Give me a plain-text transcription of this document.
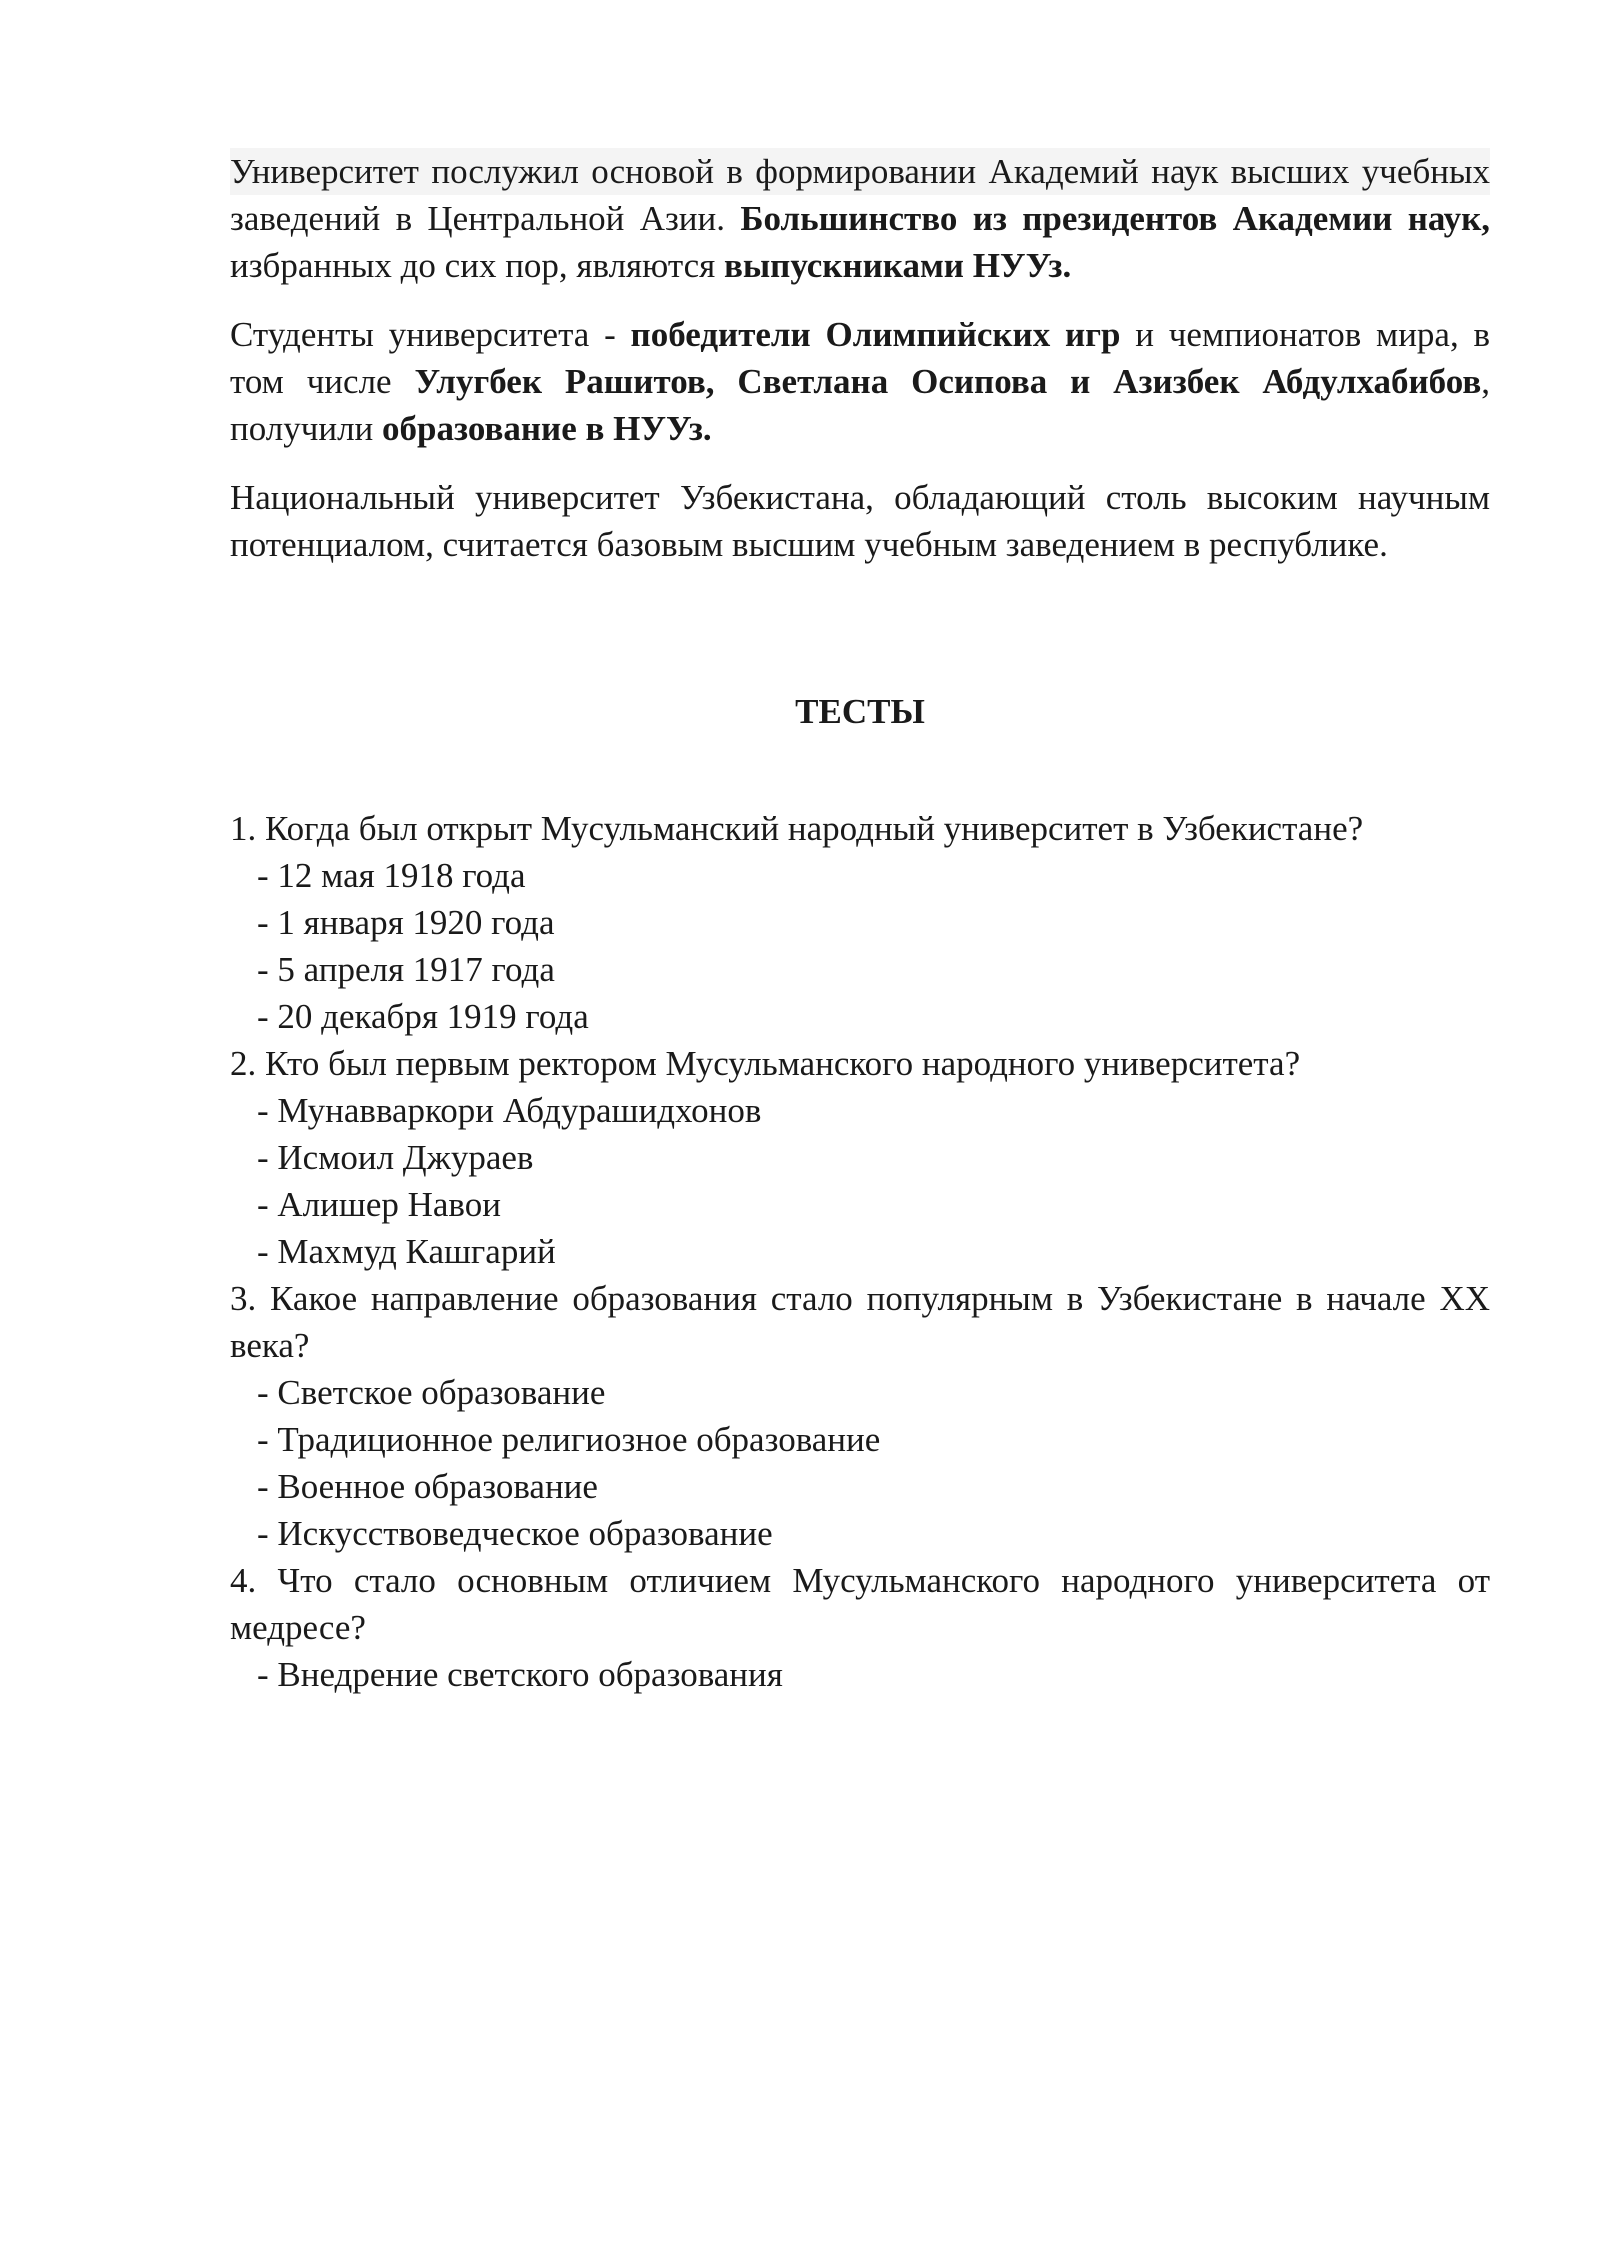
Университет послужил основой в формировании Академий наук высших учебных заведений в Центральной Азии. Большинство из президентов Академии наук, избранных до сих пор, являются выпускниками НУУз.

Студенты университета - победители Олимпийских игр и чемпионатов мира, в том числе Улугбек Рашитов, Светлана Осипова и Азизбек Абдулхабибов, получили образование в НУУз.

Национальный университет Узбекистана, обладающий столь высоким научным потенциалом, считается базовым высшим учебным заведением в республике.

ТЕСТЫ

1. Когда был открыт Мусульманский народный университет в Узбекистане?

- 12 мая 1918 года

- 1 января 1920 года

- 5 апреля 1917 года

- 20 декабря 1919 года

2. Кто был первым ректором Мусульманского народного университета?

- Мунавваркори Абдурашидхонов

- Исмоил Джураев

- Алишер Навои

- Махмуд Кашгарий

3. Какое направление образования стало популярным в Узбекистане в начале XX века?

- Светское образование

- Традиционное религиозное образование

- Военное образование

- Искусствоведческое образование

4. Что стало основным отличием Мусульманского народного университета от медресе?

- Внедрение светского образования
